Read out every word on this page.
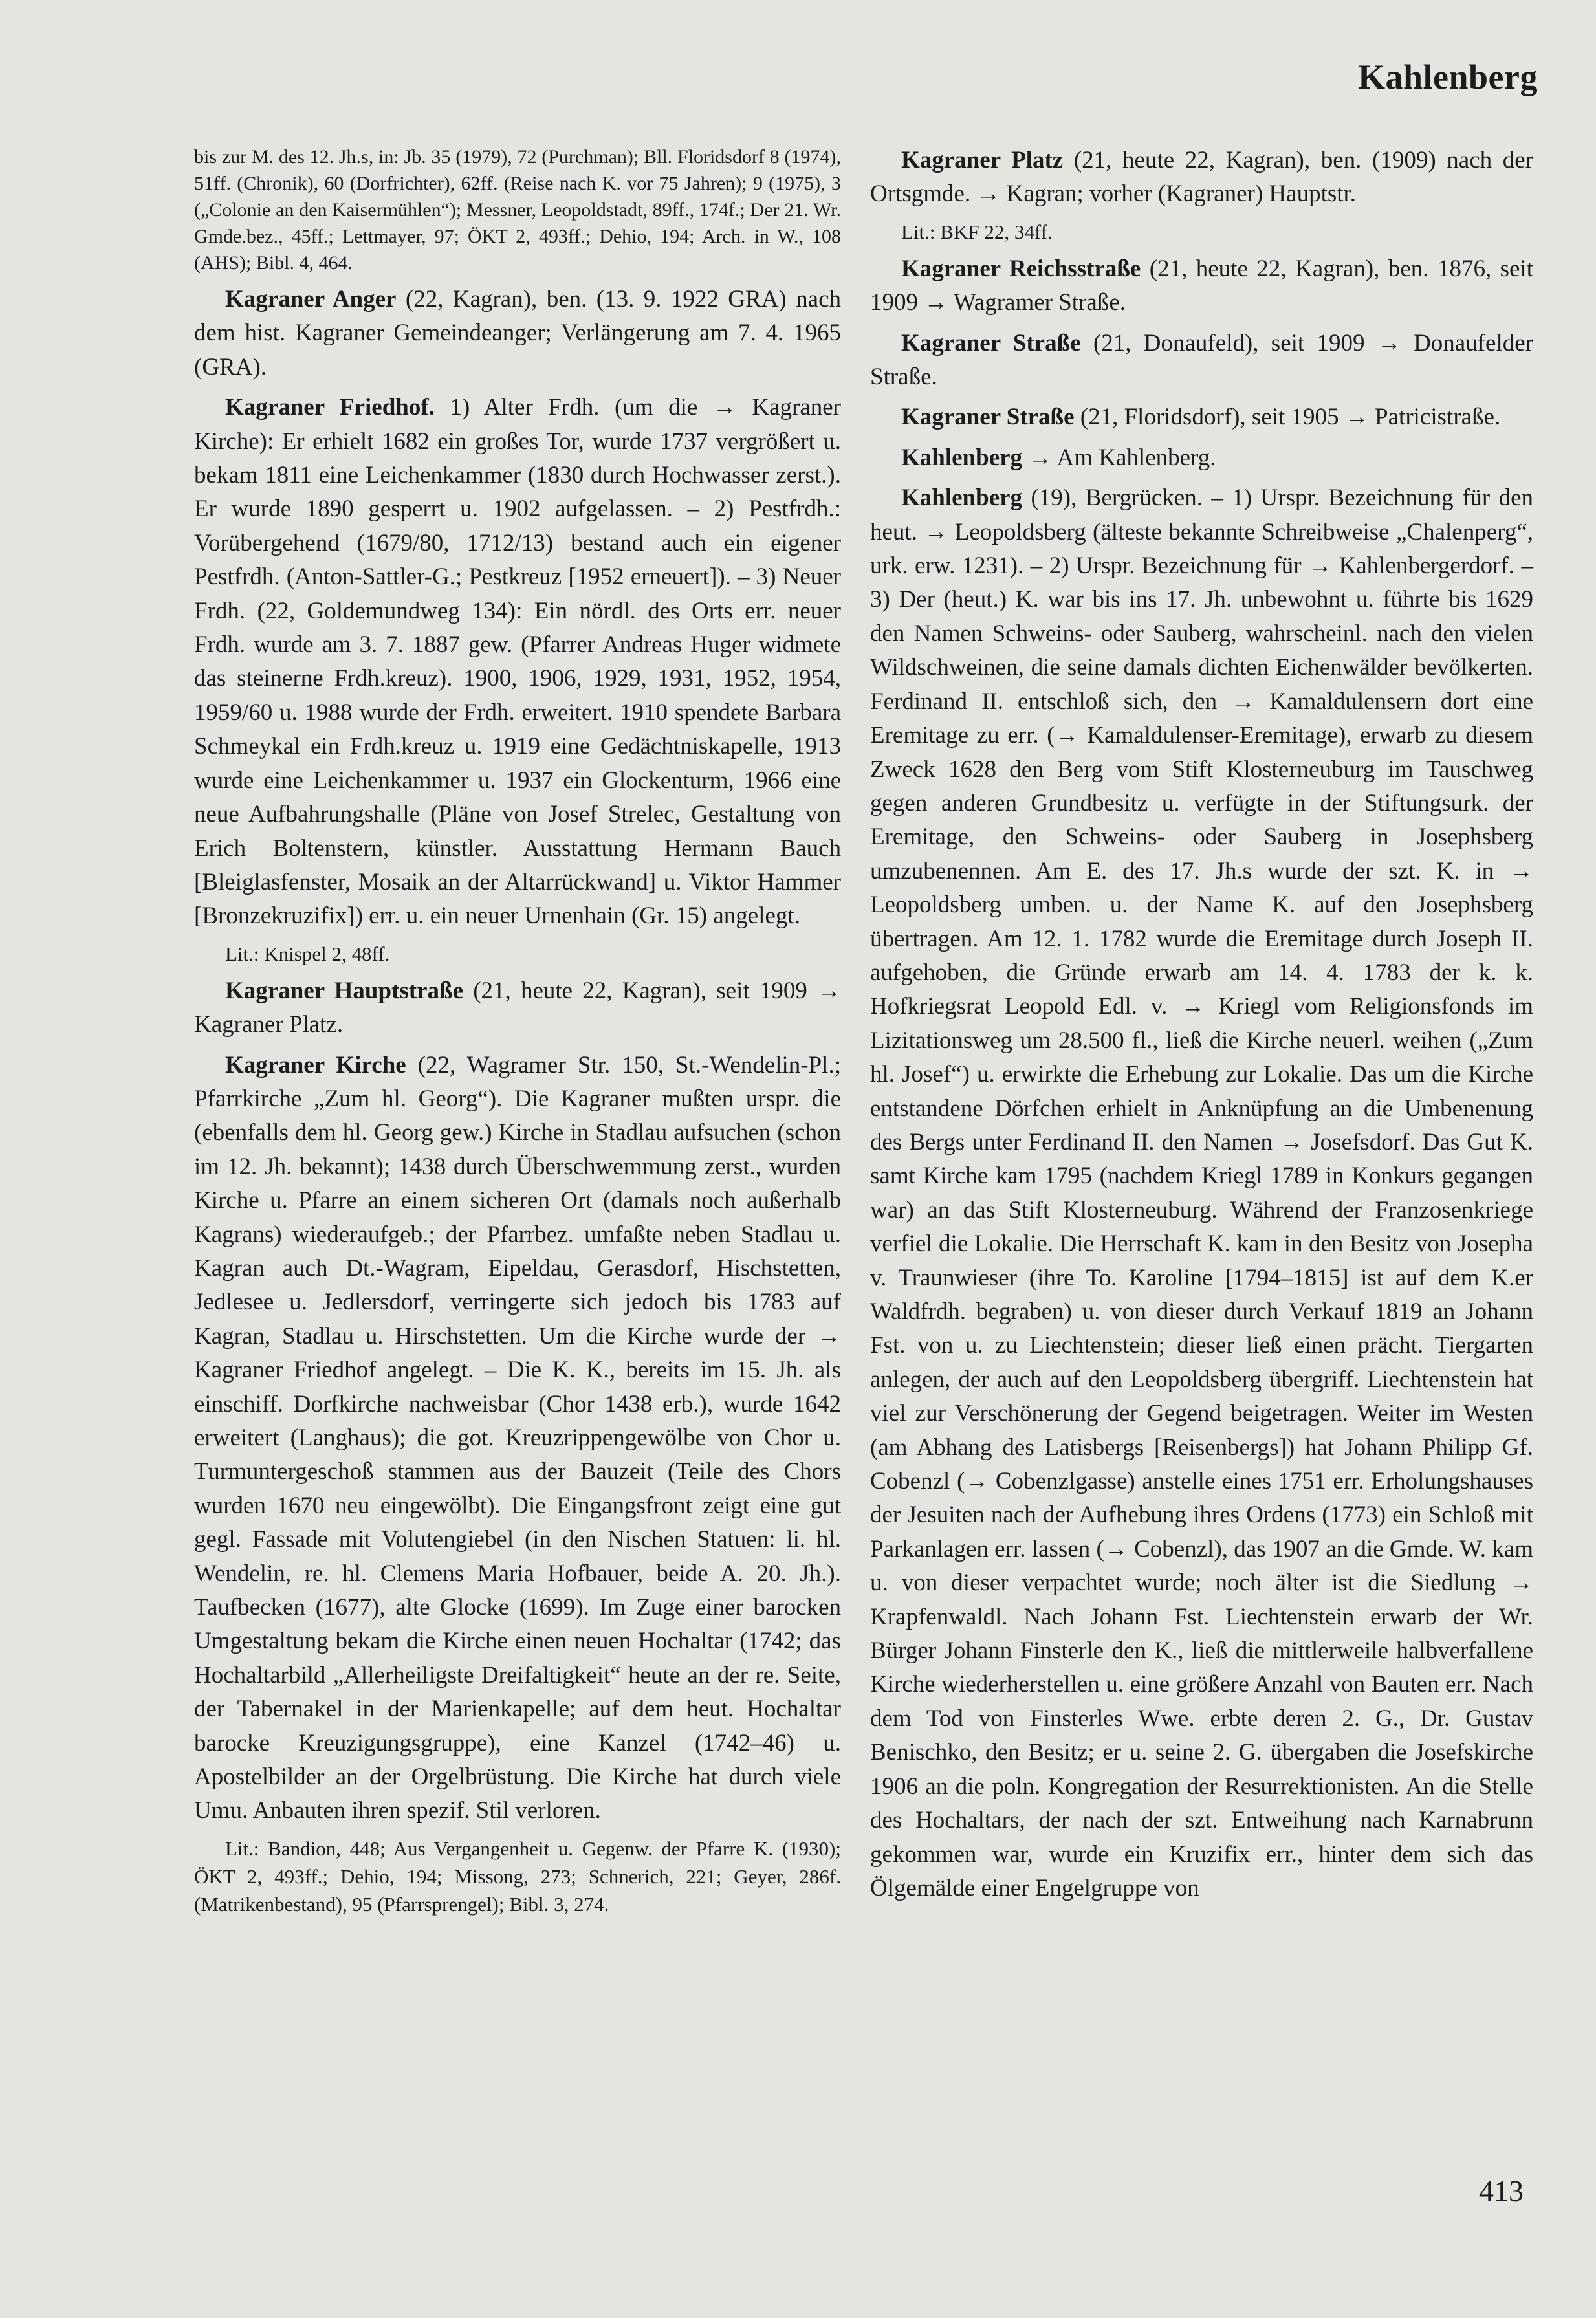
Kahlenberg

bis zur M. des 12. Jh.s, in: Jb. 35 (1979), 72 (Purchman); Bll. Floridsdorf 8 (1974), 51ff. (Chronik), 60 (Dorfrichter), 62ff. (Reise nach K. vor 75 Jahren); 9 (1975), 3 („Colonie an den Kaisermühlen“); Messner, Leopoldstadt, 89ff., 174f.; Der 21. Wr. Gmde.bez., 45ff.; Lettmayer, 97; ÖKT 2, 493ff.; Dehio, 194; Arch. in W., 108 (AHS); Bibl. 4, 464.

Kagraner Anger (22, Kagran), ben. (13. 9. 1922 GRA) nach dem hist. Kagraner Gemeindeanger; Verlängerung am 7. 4. 1965 (GRA).

Kagraner Friedhof. 1) Alter Frdh. (um die → Kagraner Kirche): Er erhielt 1682 ein großes Tor, wurde 1737 vergrößert u. bekam 1811 eine Leichenkammer (1830 durch Hochwasser zerst.). Er wurde 1890 gesperrt u. 1902 aufgelassen. – 2) Pestfrdh.: Vorübergehend (1679/80, 1712/13) bestand auch ein eigener Pestfrdh. (Anton-Sattler-G.; Pestkreuz [1952 erneuert]). – 3) Neuer Frdh. (22, Goldemundweg 134): Ein nördl. des Orts err. neuer Frdh. wurde am 3. 7. 1887 gew. (Pfarrer Andreas Huger widmete das steinerne Frdh.kreuz). 1900, 1906, 1929, 1931, 1952, 1954, 1959/60 u. 1988 wurde der Frdh. erweitert. 1910 spendete Barbara Schmeykal ein Frdh.kreuz u. 1919 eine Gedächtniskapelle, 1913 wurde eine Leichenkammer u. 1937 ein Glockenturm, 1966 eine neue Aufbahrungshalle (Pläne von Josef Strelec, Gestaltung von Erich Boltenstern, künstler. Ausstattung Hermann Bauch [Bleiglasfenster, Mosaik an der Altarrückwand] u. Viktor Hammer [Bronzekruzifix]) err. u. ein neuer Urnenhain (Gr. 15) angelegt.

Lit.: Knispel 2, 48ff.

Kagraner Hauptstraße (21, heute 22, Kagran), seit 1909 → Kagraner Platz.

Kagraner Kirche (22, Wagramer Str. 150, St.-Wendelin-Pl.; Pfarrkirche „Zum hl. Georg“). Die Kagraner mußten urspr. die (ebenfalls dem hl. Georg gew.) Kirche in Stadlau aufsuchen (schon im 12. Jh. bekannt); 1438 durch Überschwemmung zerst., wurden Kirche u. Pfarre an einem sicheren Ort (damals noch außerhalb Kagrans) wiederaufgeb.; der Pfarrbez. umfaßte neben Stadlau u. Kagran auch Dt.-Wagram, Eipeldau, Gerasdorf, Hischstetten, Jedlesee u. Jedlersdorf, verringerte sich jedoch bis 1783 auf Kagran, Stadlau u. Hirschstetten. Um die Kirche wurde der → Kagraner Friedhof angelegt. – Die K. K., bereits im 15. Jh. als einschiff. Dorfkirche nachweisbar (Chor 1438 erb.), wurde 1642 erweitert (Langhaus); die got. Kreuzrippengewölbe von Chor u. Turmuntergeschoß stammen aus der Bauzeit (Teile des Chors wurden 1670 neu eingewölbt). Die Eingangsfront zeigt eine gut gegl. Fassade mit Volutengiebel (in den Nischen Statuen: li. hl. Wendelin, re. hl. Clemens Maria Hofbauer, beide A. 20. Jh.). Taufbecken (1677), alte Glocke (1699). Im Zuge einer barocken Umgestaltung bekam die Kirche einen neuen Hochaltar (1742; das Hochaltarbild „Allerheiligste Dreifaltigkeit“ heute an der re. Seite, der Tabernakel in der Marienkapelle; auf dem heut. Hochaltar barocke Kreuzigungsgruppe), eine Kanzel (1742–46) u. Apostelbilder an der Orgelbrüstung. Die Kirche hat durch viele Umu. Anbauten ihren spezif. Stil verloren.

Lit.: Bandion, 448; Aus Vergangenheit u. Gegenw. der Pfarre K. (1930); ÖKT 2, 493ff.; Dehio, 194; Missong, 273; Schnerich, 221; Geyer, 286f. (Matrikenbestand), 95 (Pfarrsprengel); Bibl. 3, 274.

Kagraner Platz (21, heute 22, Kagran), ben. (1909) nach der Ortsgmde. → Kagran; vorher (Kagraner) Hauptstr.

Lit.: BKF 22, 34ff.

Kagraner Reichsstraße (21, heute 22, Kagran), ben. 1876, seit 1909 → Wagramer Straße.

Kagraner Straße (21, Donaufeld), seit 1909 → Donaufelder Straße.

Kagraner Straße (21, Floridsdorf), seit 1905 → Patricistraße.

Kahlenberg → Am Kahlenberg.

Kahlenberg (19), Bergrücken. – 1) Urspr. Bezeichnung für den heut. → Leopoldsberg (älteste bekannte Schreibweise „Chalenperg“, urk. erw. 1231). – 2) Urspr. Bezeichnung für → Kahlenbergerdorf. – 3) Der (heut.) K. war bis ins 17. Jh. unbewohnt u. führte bis 1629 den Namen Schweins- oder Sauberg, wahrscheinl. nach den vielen Wildschweinen, die seine damals dichten Eichenwälder bevölkerten. Ferdinand II. entschloß sich, den → Kamaldulensern dort eine Eremitage zu err. (→ Kamaldulenser-Eremitage), erwarb zu diesem Zweck 1628 den Berg vom Stift Klosterneuburg im Tauschweg gegen anderen Grundbesitz u. verfügte in der Stiftungsurk. der Eremitage, den Schweins- oder Sauberg in Josephsberg umzubenennen. Am E. des 17. Jh.s wurde der szt. K. in → Leopoldsberg umben. u. der Name K. auf den Josephsberg übertragen. Am 12. 1. 1782 wurde die Eremitage durch Joseph II. aufgehoben, die Gründe erwarb am 14. 4. 1783 der k. k. Hofkriegsrat Leopold Edl. v. → Kriegl vom Religionsfonds im Lizitationsweg um 28.500 fl., ließ die Kirche neuerl. weihen („Zum hl. Josef“) u. erwirkte die Erhebung zur Lokalie. Das um die Kirche entstandene Dörfchen erhielt in Anknüpfung an die Umbenenung des Bergs unter Ferdinand II. den Namen → Josefsdorf. Das Gut K. samt Kirche kam 1795 (nachdem Kriegl 1789 in Konkurs gegangen war) an das Stift Klosterneuburg. Während der Franzosenkriege verfiel die Lokalie. Die Herrschaft K. kam in den Besitz von Josepha v. Traunwieser (ihre To. Karoline [1794–1815] ist auf dem K.er Waldfrdh. begraben) u. von dieser durch Verkauf 1819 an Johann Fst. von u. zu Liechtenstein; dieser ließ einen prächt. Tiergarten anlegen, der auch auf den Leopoldsberg übergriff. Liechtenstein hat viel zur Verschönerung der Gegend beigetragen. Weiter im Westen (am Abhang des Latisbergs [Reisenbergs]) hat Johann Philipp Gf. Cobenzl (→ Cobenzlgasse) anstelle eines 1751 err. Erholungshauses der Jesuiten nach der Aufhebung ihres Ordens (1773) ein Schloß mit Parkanlagen err. lassen (→ Cobenzl), das 1907 an die Gmde. W. kam u. von dieser verpachtet wurde; noch älter ist die Siedlung → Krapfenwaldl. Nach Johann Fst. Liechtenstein erwarb der Wr. Bürger Johann Finsterle den K., ließ die mittlerweile halbverfallene Kirche wiederherstellen u. eine größere Anzahl von Bauten err. Nach dem Tod von Finsterles Wwe. erbte deren 2. G., Dr. Gustav Benischko, den Besitz; er u. seine 2. G. übergaben die Josefskirche 1906 an die poln. Kongregation der Resurrektionisten. An die Stelle des Hochaltars, der nach der szt. Entweihung nach Karnabrunn gekommen war, wurde ein Kruzifix err., hinter dem sich das Ölgemälde einer Engelgruppe von

413
